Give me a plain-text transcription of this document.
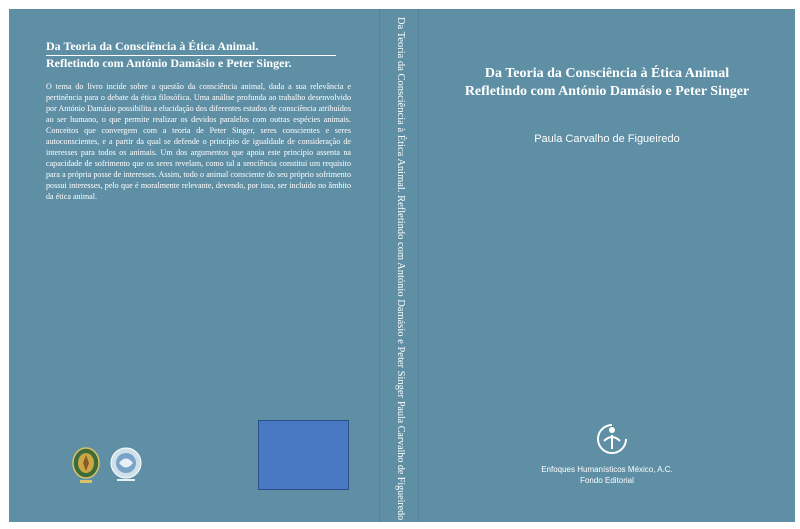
Da Teoria da Consciência à Ética Animal.
Refletindo com António Damásio e Peter Singer.
O tema do livro incide sobre a questão da consciência animal, dada a sua relevância e pertinência para o debate da ética filosófica. Uma análise profunda ao trabalho desenvolvido por António Damásio possibilita a elucidação dos diferentes estados de consciência atribuídos ao ser humano, o que permite realizar os devidos paralelos com outras espécies animais. Conceitos que convergem com a teoria de Peter Singer, seres conscientes e seres autoconscientes, e a partir da qual se defende o princípio de igualdade de consideração de interesses para todos os animais. Um dos argumentos que apoia este princípio assenta na capacidade de sofrimento que os seres revelam, como tal a senciência constitui um requisito para a própria posse de interesses. Assim, todo o animal consciente do seu próprio sofrimento possui interesses, pelo que é moralmente relevante, devendo, por isso, ser incluído no âmbito da ética animal.	Da Teoria da Consciência à Ética Animal. Refletindo com António Damásio e Peter Singer
Paula Carvalho de Figueiredo
Da Teoria da Consciência à Ética Animal
Refletindo com António Damásio e Peter Singer
Paula Carvalho de Figueiredo
Enfoques Humanísticos México, A.C.
Fondo Editorial
